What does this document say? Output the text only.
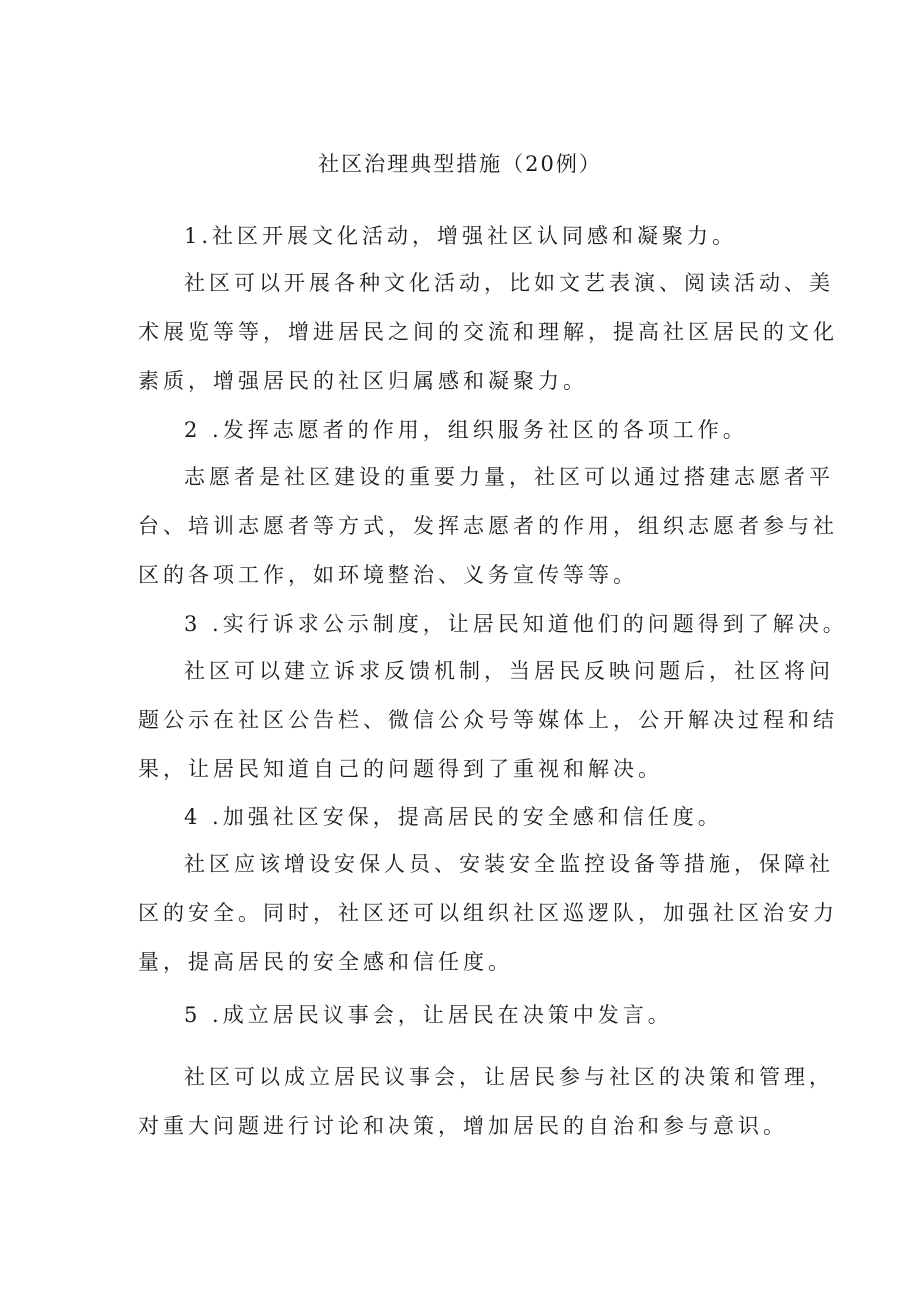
社区治理典型措施（20例）
1.社区开展文化活动，增强社区认同感和凝聚力。
社区可以开展各种文化活动，比如文艺表演、阅读活动、美
术展览等等，增进居民之间的交流和理解，提高社区居民的文化
素质，增强居民的社区归属感和凝聚力。
2 .发挥志愿者的作用，组织服务社区的各项工作。
志愿者是社区建设的重要力量，社区可以通过搭建志愿者平
台、培训志愿者等方式，发挥志愿者的作用，组织志愿者参与社
区的各项工作，如环境整治、义务宣传等等。
3 .实行诉求公示制度，让居民知道他们的问题得到了解决。
社区可以建立诉求反馈机制，当居民反映问题后，社区将问
题公示在社区公告栏、微信公众号等媒体上，公开解决过程和结
果，让居民知道自己的问题得到了重视和解决。
4 .加强社区安保，提高居民的安全感和信任度。
社区应该增设安保人员、安装安全监控设备等措施，保障社
区的安全。同时，社区还可以组织社区巡逻队，加强社区治安力
量，提高居民的安全感和信任度。
5 .成立居民议事会，让居民在决策中发言。
社区可以成立居民议事会，让居民参与社区的决策和管理，
对重大问题进行讨论和决策，增加居民的自治和参与意识。
